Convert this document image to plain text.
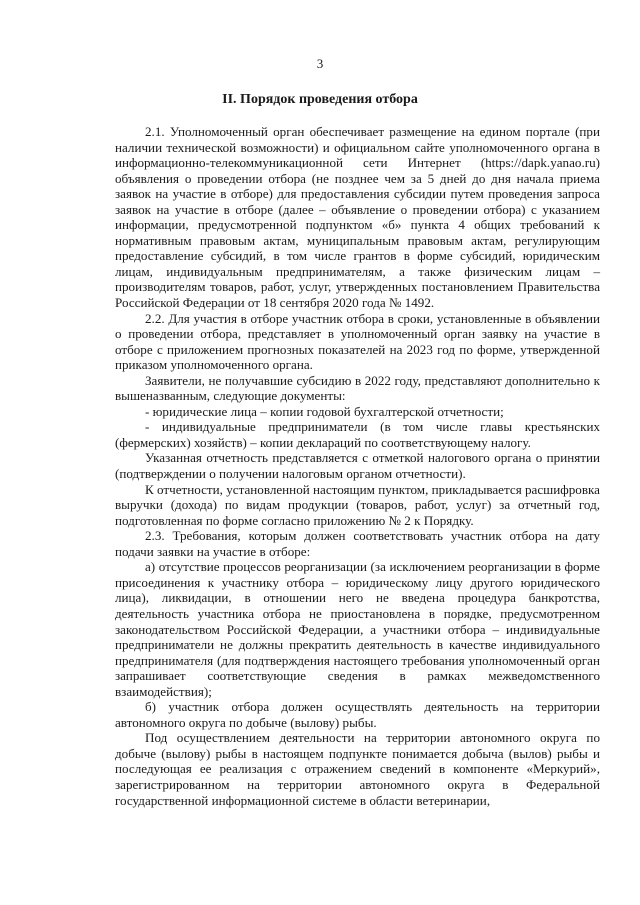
3
II. Порядок проведения отбора

2.1. Уполномоченный орган обеспечивает размещение на едином портале (при наличии технической возможности) и официальном сайте уполномоченного органа в информационно-телекоммуникационной сети Интернет (https://dapk.yanao.ru) объявления о проведении отбора (не позднее чем за 5 дней до дня начала приема заявок на участие в отборе) для предоставления субсидии путем проведения запроса заявок на участие в отборе (далее – объявление о проведении отбора) с указанием информации, предусмотренной подпунктом «б» пункта 4 общих требований к нормативным правовым актам, муниципальным правовым актам, регулирующим предоставление субсидий, в том числе грантов в форме субсидий, юридическим лицам, индивидуальным предпринимателям, а также физическим лицам – производителям товаров, работ, услуг, утвержденных постановлением Правительства Российской Федерации от 18 сентября 2020 года № 1492.

2.2. Для участия в отборе участник отбора в сроки, установленные в объявлении о проведении отбора, представляет в уполномоченный орган заявку на участие в отборе с приложением прогнозных показателей на 2023 год по форме, утвержденной приказом уполномоченного органа.

Заявители, не получавшие субсидию в 2022 году, представляют дополнительно к вышеназванным, следующие документы:

- юридические лица – копии годовой бухгалтерской отчетности;

- индивидуальные предприниматели (в том числе главы крестьянских (фермерских) хозяйств) – копии деклараций по соответствующему налогу.

Указанная отчетность представляется с отметкой налогового органа о принятии (подтверждении о получении налоговым органом отчетности).

К отчетности, установленной настоящим пунктом, прикладывается расшифровка выручки (дохода) по видам продукции (товаров, работ, услуг) за отчетный год, подготовленная по форме согласно приложению № 2 к Порядку.

2.3. Требования, которым должен соответствовать участник отбора на дату подачи заявки на участие в отборе:

а) отсутствие процессов реорганизации (за исключением реорганизации в форме присоединения к участнику отбора – юридическому лицу другого юридического лица), ликвидации, в отношении него не введена процедура банкротства, деятельность участника отбора не приостановлена в порядке, предусмотренном законодательством Российской Федерации, а участники отбора – индивидуальные предприниматели не должны прекратить деятельность в качестве индивидуального предпринимателя (для подтверждения настоящего требования уполномоченный орган запрашивает соответствующие сведения в рамках межведомственного взаимодействия);

б) участник отбора должен осуществлять деятельность на территории автономного округа по добыче (вылову) рыбы.

Под осуществлением деятельности на территории автономного округа по добыче (вылову) рыбы в настоящем подпункте понимается добыча (вылов) рыбы и последующая ее реализация с отражением сведений в компоненте «Меркурий», зарегистрированном на территории автономного округа в Федеральной государственной информационной системе в области ветеринарии,
